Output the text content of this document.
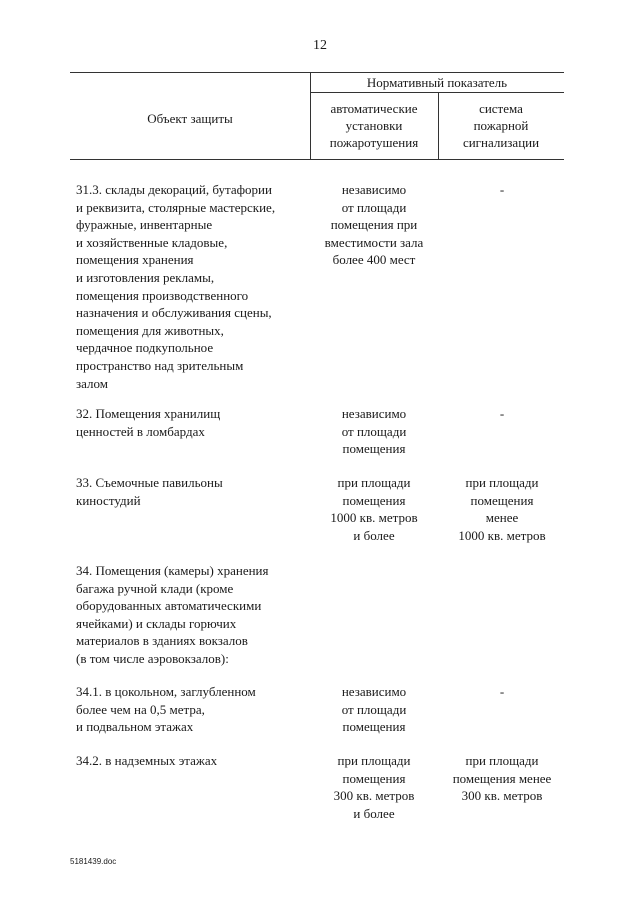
12
Объект защиты
Нормативный показатель
автоматические
установки
пожаротушения
система
пожарной
сигнализации
31.3. склады декораций, бутафории
и реквизита, столярные мастерские,
фуражные, инвентарные
и хозяйственные кладовые,
помещения хранения
и изготовления рекламы,
помещения производственного
назначения и обслуживания сцены,
помещения для животных,
чердачное подкупольное
пространство над зрительным
залом
независимо
от площади
помещения при
вместимости зала
более 400 мест
-
32. Помещения хранилищ
ценностей в ломбардах
независимо
от площади
помещения
-
33. Съемочные павильоны
киностудий
при площади
помещения
1000 кв. метров
и более
при площади
помещения
менее
1000 кв. метров
34. Помещения (камеры) хранения
багажа ручной клади (кроме
оборудованных автоматическими
ячейками) и склады горючих
материалов в зданиях вокзалов
(в том числе аэровокзалов):
34.1. в цокольном, заглубленном
более чем на 0,5 метра,
и подвальном этажах
независимо
от площади
помещения
-
34.2. в надземных этажах	при площади
помещения
300 кв. метров
и более
при площади
помещения менее
300 кв. метров
5181439.doc
